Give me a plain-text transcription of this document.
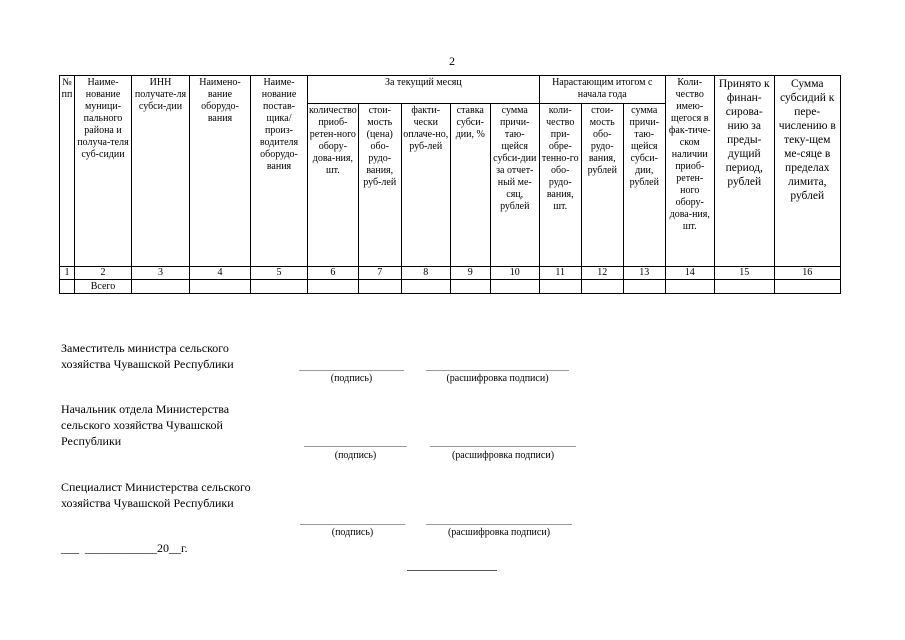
2
№ пп	Наиме-нование муници-пального района и получа-теля суб-сидии	ИНН получате-ля субси-дии	Наимено-вание оборудо-вания	Наиме-нование постав-щика/ произ-водителя оборудо-вания	За текущий месяц					Нарастающим итогом с начала года			Коли-чество имею-щегося в фак-тиче-ском наличии приоб-ретен-ного обору-дова-ния, шт.	Принято к финан-сирова-нию за преды-дущий период, рублей	Сумма субсидий к пере-числению в теку-щем ме-сяце в пределах лимита, рублей
					количество приоб-ретен-ного обору-дова-ния, шт.	стои-мость (цена) обо-рудо-вания, руб-лей	факти-чески оплаче-но, руб-лей	ставка субси-дии, %	сумма причи-таю-щейся субси-дии за отчет-ный ме-сяц, рублей	коли-чество при-обре-тенно-го обо-рудо-вания, шт.	стои-мость обо-рудо-вания, рублей	сумма причи-таю-щейся субси-дии, рублей			
1	2	3	4	5	6	7	8	9	10	11	12	13	14	15	16
	Всего														
Заместитель министра сельского хозяйства Чувашской Республики
(подпись)	(расшифровка подписи)
Начальник отдела Министерства сельского хозяйства Чувашской Республики
(подпись)	(расшифровка подписи)
Специалист Министерства сельского хозяйства Чувашской Республики
(подпись)	(расшифровка подписи)
___  ____________20__г.
